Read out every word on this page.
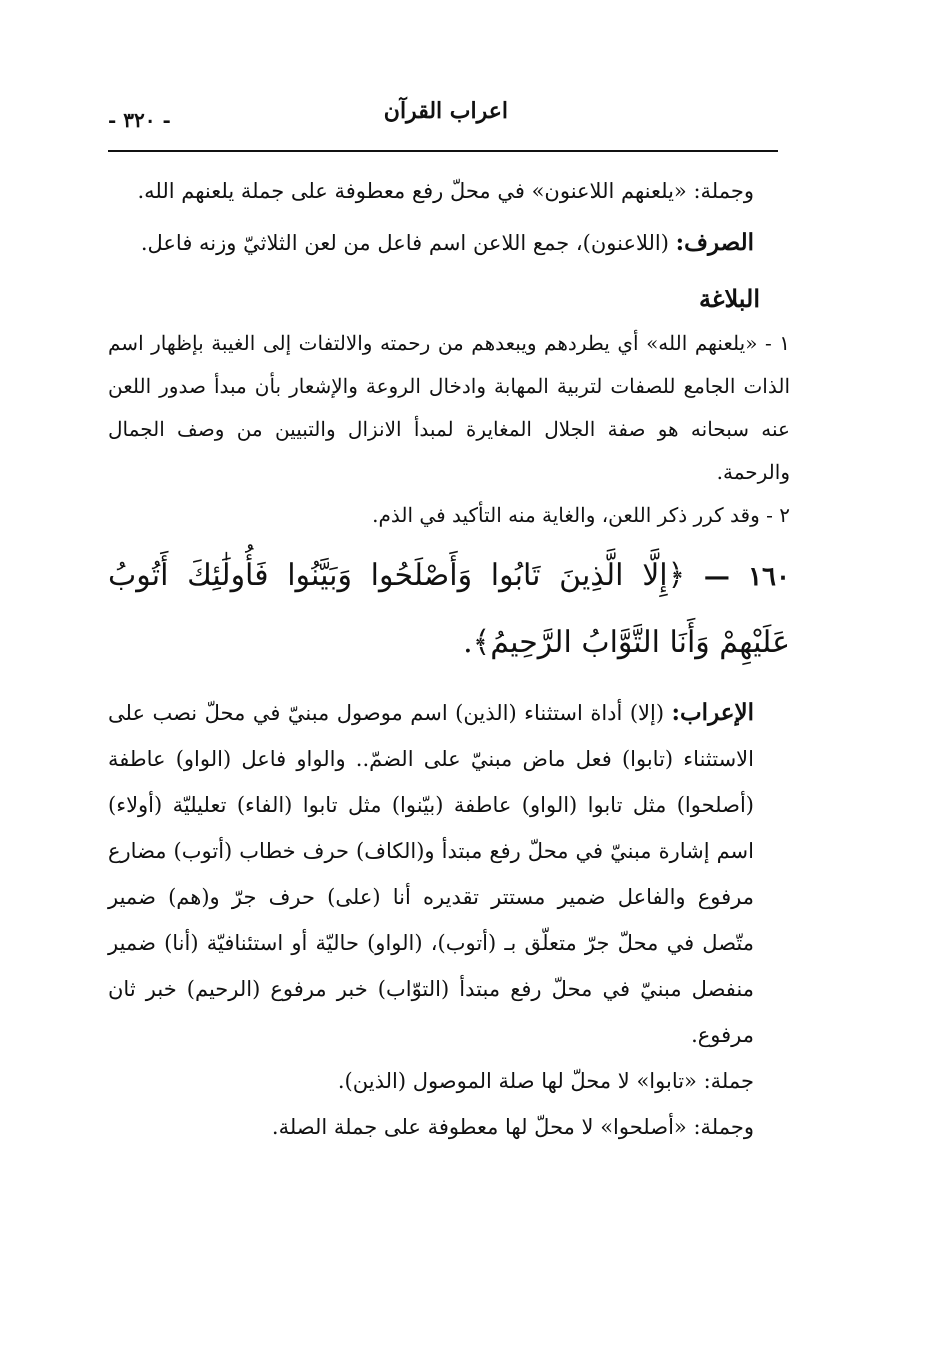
اعراب القرآن
- ٣٢٠ -

وجملة: «يلعنهم اللاعنون» في محلّ رفع معطوفة على جملة يلعنهم الله.

الصرف: (اللاعنون)، جمع اللاعن اسم فاعل من لعن الثلاثيّ وزنه فاعل.

البلاغة

١ - «يلعنهم الله» أي يطردهم ويبعدهم من رحمته والالتفات إلى الغيبة بإظهار اسم الذات الجامع للصفات لتربية المهابة وادخال الروعة والإشعار بأن مبدأ صدور اللعن عنه سبحانه هو صفة الجلال المغايرة لمبدأ الانزال والتبيين من وصف الجمال والرحمة.

٢ - وقد كرر ذكر اللعن، والغاية منه التأكيد في الذم.

١٦٠ — ﴿إِلَّا الَّذِينَ تَابُوا وَأَصْلَحُوا وَبَيَّنُوا فَأُولَٰئِكَ أَتُوبُ عَلَيْهِمْ وَأَنَا التَّوَّابُ الرَّحِيمُ﴾.

الإعراب: (إلا) أداة استثناء (الذين) اسم موصول مبنيّ في محلّ نصب على الاستثناء (تابوا) فعل ماض مبنيّ على الضمّ.. والواو فاعل (الواو) عاطفة (أصلحوا) مثل تابوا (الواو) عاطفة (بيّنوا) مثل تابوا (الفاء) تعليليّة (أولاء) اسم إشارة مبنيّ في محلّ رفع مبتدأ و(الكاف) حرف خطاب (أتوب) مضارع مرفوع والفاعل ضمير مستتر تقديره أنا (على) حرف جرّ و(هم) ضمير متّصل في محلّ جرّ متعلّق بـ (أتوب)، (الواو) حاليّة أو استئنافيّة (أنا) ضمير منفصل مبنيّ في محلّ رفع مبتدأ (التوّاب) خبر مرفوع (الرحيم) خبر ثان مرفوع.

جملة: «تابوا» لا محلّ لها صلة الموصول (الذين).

وجملة: «أصلحوا» لا محلّ لها معطوفة على جملة الصلة.
